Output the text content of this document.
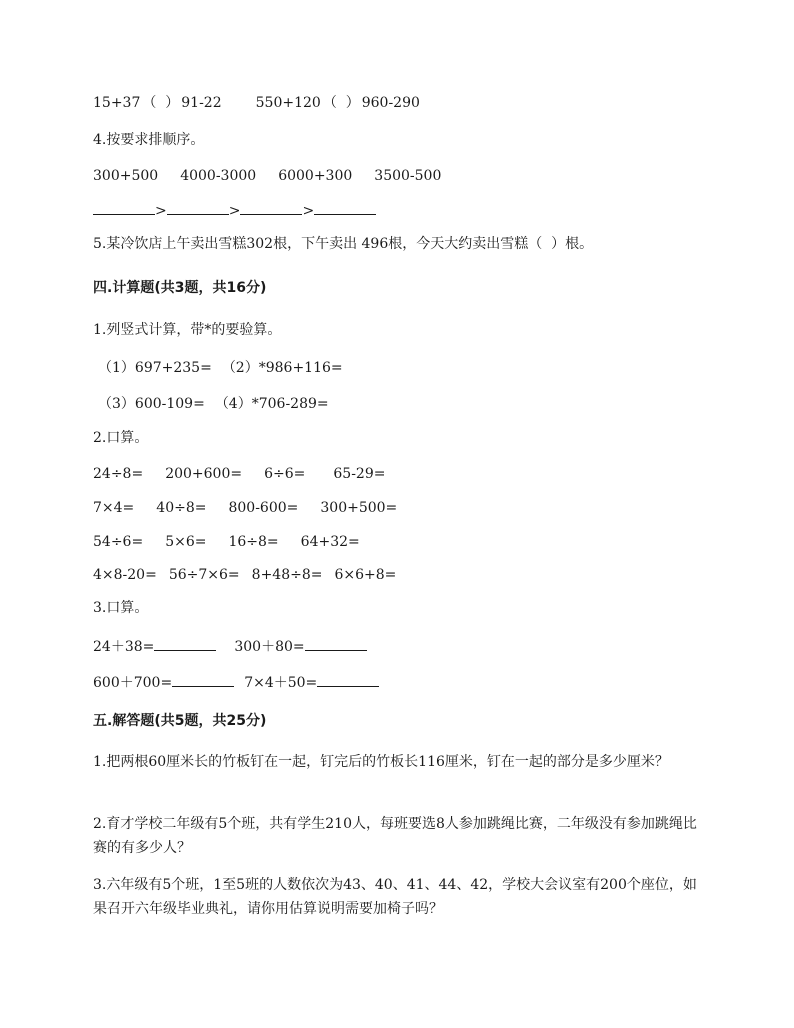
15+37 （  ） 91-22 550+120 （  ） 960-290
4.按要求排顺序。
300+500 4000-3000 6000+300 3500-500
>	>	>
5.某冷饮店上午卖出雪糕302根，下午卖出 496根，今天大约卖出雪糕（  ）根。
四.计算题(共3题，共16分)
1.列竖式计算，带*的要验算。
（1）697+235= （2）*986+116=
（3）600-109= （4）*706-289=
2.口算。
24÷8= 200+600= 6÷6= 65-29=
7×4= 40÷8= 800-600= 300+500=
54÷6= 5×6= 16÷8= 64+32=
4×8-20= 56÷7×6= 8+48÷8= 6×6+8=
3.口算。
24＋38=	300＋80=
600＋700=	7×4＋50=
五.解答题(共5题，共25分)
1.把两根60厘米长的竹板钉在一起，钉完后的竹板长116厘米，钉在一起的部分是多少厘米？
2.育才学校二年级有5个班，共有学生210人，每班要选8人参加跳绳比赛，二年级没有参加跳绳比赛的有多少人？
3.六年级有5个班，1至5班的人数依次为43、40、41、44、42，学校大会议室有200个座位，如果召开六年级毕业典礼，请你用估算说明需要加椅子吗？
